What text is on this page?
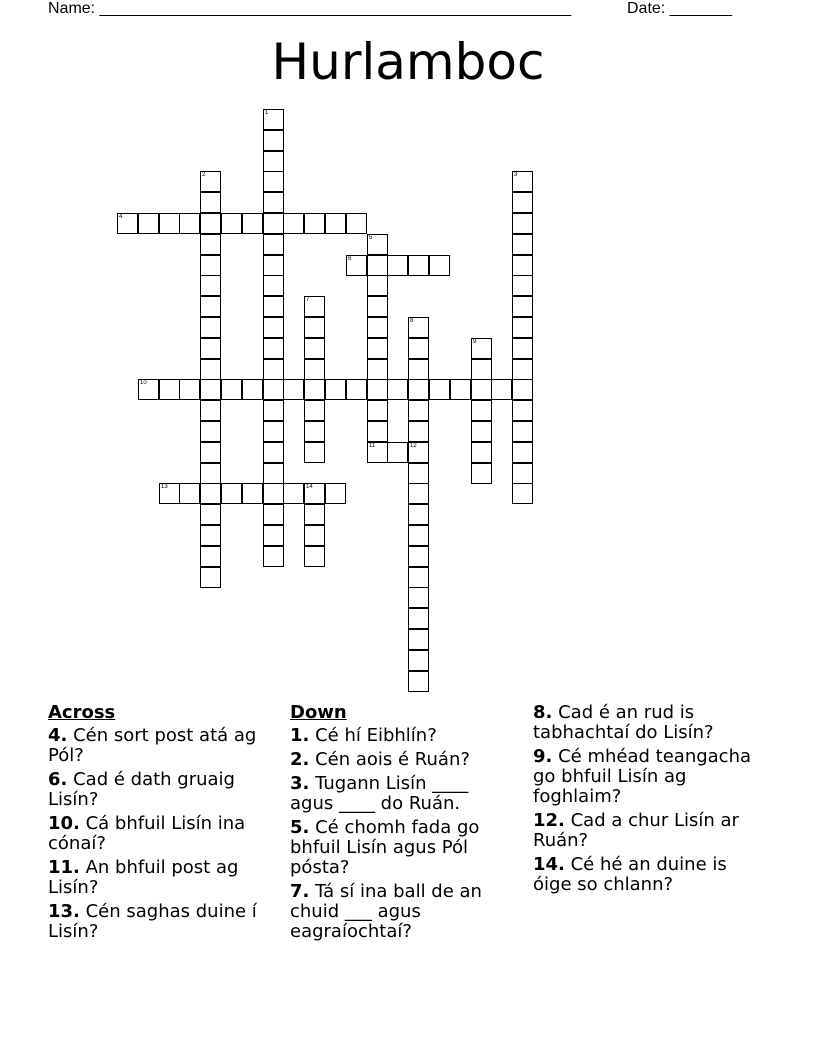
Name: _____________________________________________________	Date: _______
Hurlamboc
1
2	3
4
5
6
7
8
9
10
11	12
13	14
Across
4. Cén sort post atá ag Pól?
6. Cad é dath gruaig Lisín?
10. Cá bhfuil Lisín ina cónaí?
11. An bhfuil post ag Lisín?
13. Cén saghas duine í Lisín?
Down
1. Cé hí Eibhlín?
2. Cén aois é Ruán?
3. Tugann Lisín ____ agus ____ do Ruán.
5. Cé chomh fada go bhfuil Lisín agus Pól pósta?
7. Tá sí ina ball de an chuid ___ agus eagraíochtaí?
8. Cad é an rud is tabhachtaí do Lisín?
9. Cé mhéad teangacha go bhfuil Lisín ag foghlaim?
12. Cad a chur Lisín ar Ruán?
14. Cé hé an duine is óige so chlann?
